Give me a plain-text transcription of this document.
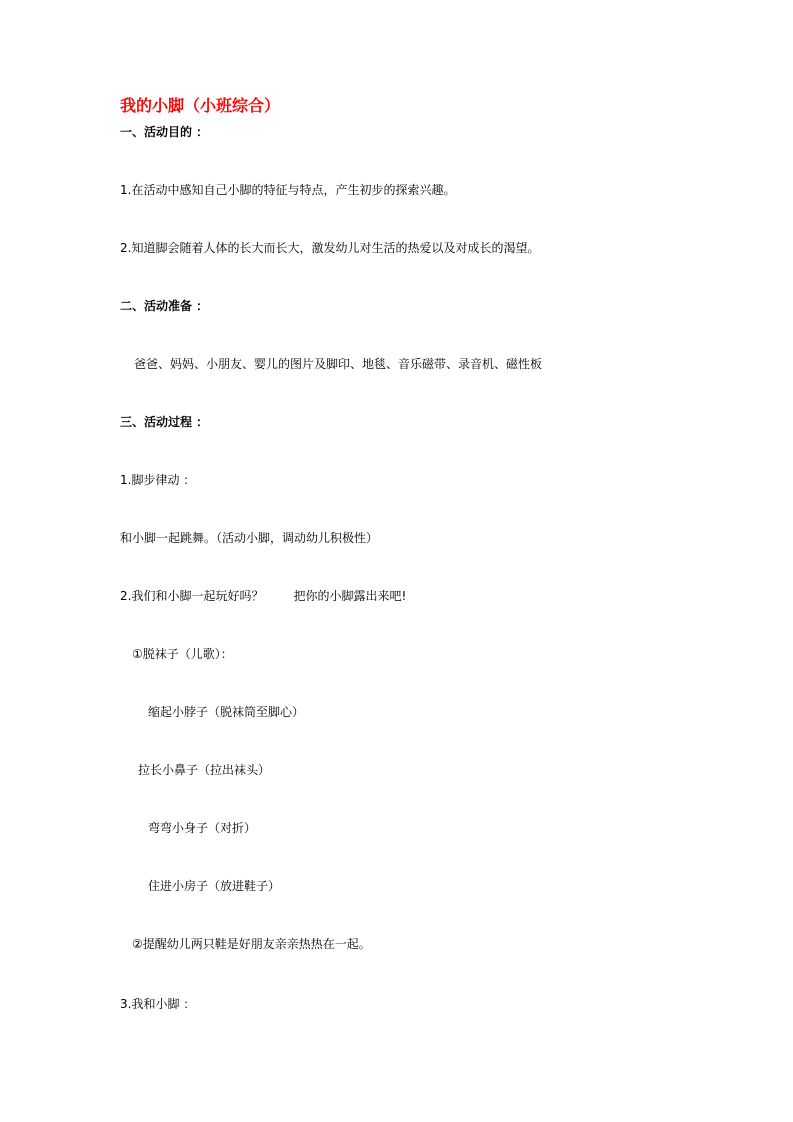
我的小脚（小班综合）
一、活动目的 ：
1.在活动中感知自己小脚的特征与特点，产生初步的探索兴趣。
2.知道脚会随着人体的长大而长大，激发幼儿对生活的热爱以及对成长的渴望。
二、活动准备 ：
爸爸、妈妈、小朋友、婴儿的图片及脚印、地毯、音乐磁带、录音机、磁性板
三、活动过程 ：
1.脚步律动 ：
和小脚一起跳舞。（活动小脚，调动幼儿积极性）
2.我们和小脚一起玩好吗？	把你的小脚露出来吧!
①脱袜子（儿歌）：
缩起小脖子（脱袜筒至脚心）
拉长小鼻子（拉出袜头）
弯弯小身子（对折）
住进小房子（放进鞋子）
②提醒幼儿两只鞋是好朋友亲亲热热在一起。
3.我和小脚 ：
